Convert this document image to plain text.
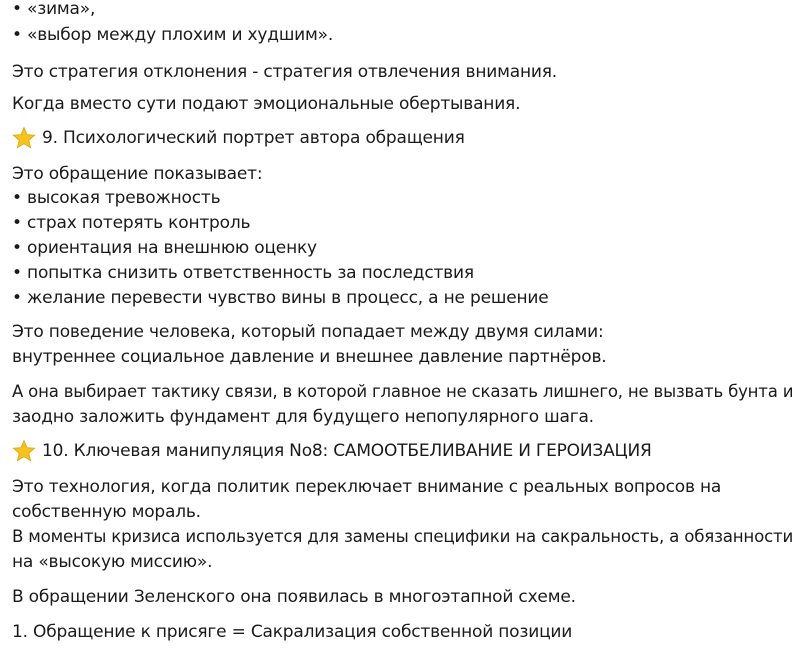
• «зима»,
• «выбор между плохим и худшим».
Это стратегия отклонения - стратегия отвлечения внимания.
Когда вместо сути подают эмоциональные обертывания.
9. Психологический портрет автора обращения
Это обращение показывает:
• высокая тревожность
• страх потерять контроль
• ориентация на внешнюю оценку
• попытка снизить ответственность за последствия
• желание перевести чувство вины в процесс, а не решение
Это поведение человека, который попадает между двумя силами:
внутреннее социальное давление и внешнее давление партнёров.
А она выбирает тактику связи, в которой главное не сказать лишнего, не вызвать бунта и
заодно заложить фундамент для будущего непопулярного шага.
10. Ключевая манипуляция No8: САМООТБЕЛИВАНИЕ И ГЕРОИЗАЦИЯ
Это технология, когда политик переключает внимание с реальных вопросов на
собственную мораль.
В моменты кризиса используется для замены специфики на сакральность, а обязанности
на «высокую миссию».
В обращении Зеленского она появилась в многоэтапной схеме.
1. Обращение к присяге = Сакрализация собственной позиции
